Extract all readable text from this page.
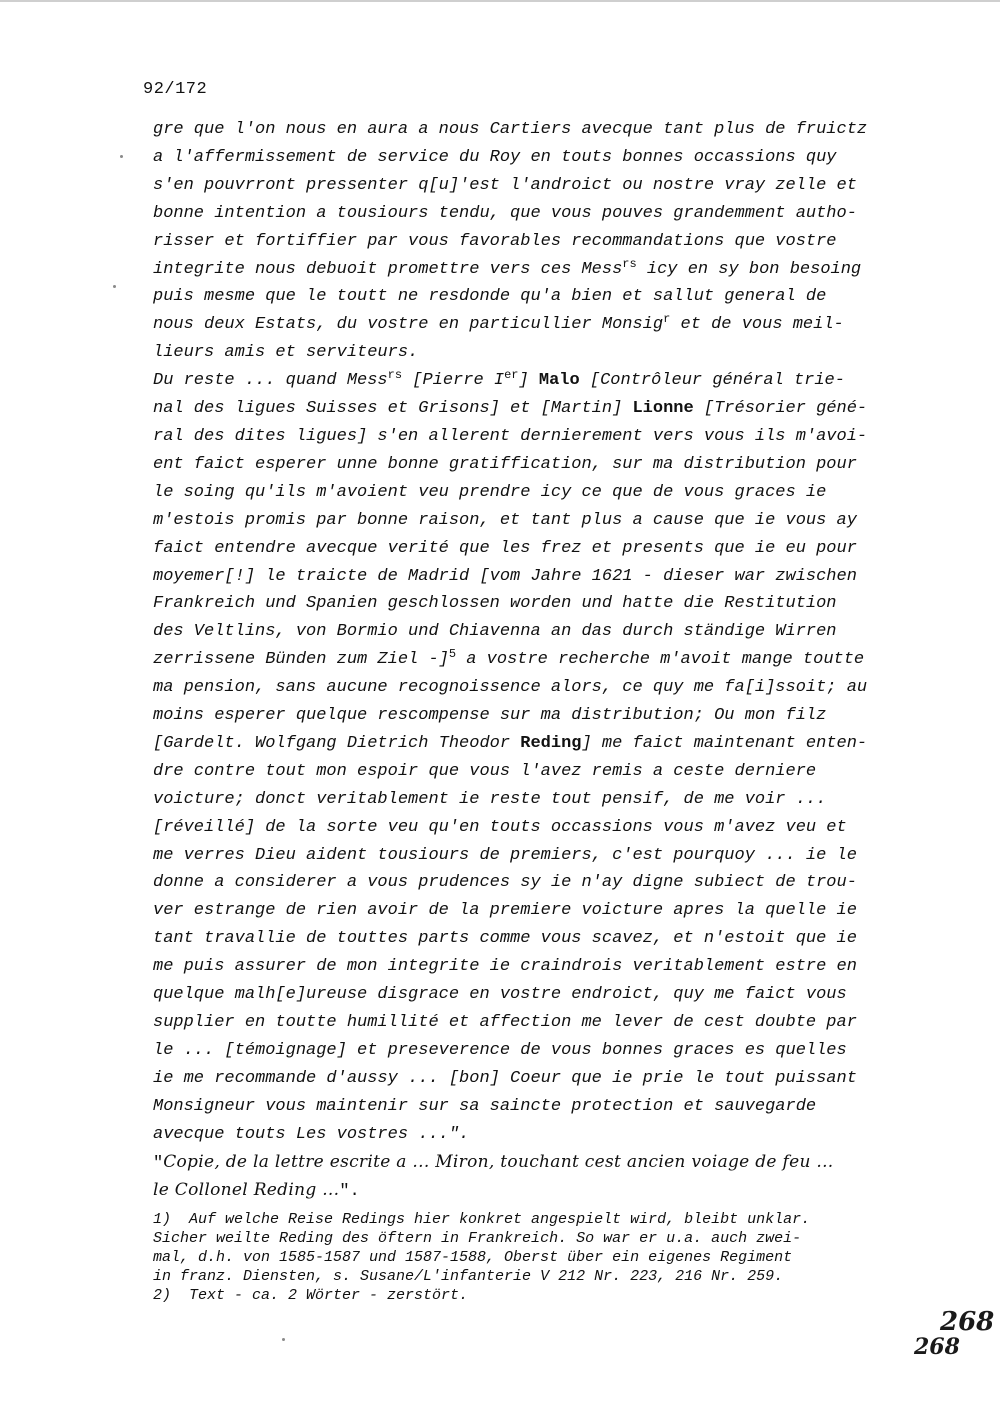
92/172
gre que l'on nous en aura a nous Cartiers avecque tant plus de fruictz
a l'affermissement de service du Roy en touts bonnes occassions quy
s'en pouvrront pressenter q[u]'est l'androict ou nostre vray zelle et
bonne intention a tousiours tendu, que vous pouves grandemment autho-
risser et fortiffier par vous favorables recommandations que vostre
integrite nous debuoit promettre vers ces Mess$^{rs}$ icy en sy bon besoing
puis mesme que le toutt ne resdonde qu'a bien et sallut general de
nous deux Estats, du vostre en particullier Monsig$^r$ et de vous meil-
lieurs amis et serviteurs.
Du reste ... quand Mess$^{rs}$ [Pierre Ier] Malo [Contrôleur général trie-
nal des ligues Suisses et Grisons] et [Martin] Lionne [Trésorier géné-
ral des dites ligues] s'en allerent dernierement vers vous ils m'avoi-
ent faict esperer unne bonne gratiffication, sur ma distribution pour
le soing qu'ils m'avoient veu prendre icy ce que de vous graces ie
m'estois promis par bonne raison, et tant plus a cause que ie vous ay
faict entendre avecque verité que les frez et presents que ie eu pour
moyemer[!] le traicte de Madrid [vom Jahre 1621 - dieser war zwischen
Frankreich und Spanien geschlossen worden und hatte die Restitution
des Veltlins, von Bormio und Chiavenna an das durch ständige Wirren
zerrissene Bünden zum Ziel -]$^5$ a vostre recherche m'avoit mange toutte
ma pension, sans aucune recognoissence alors, ce quy me fa[i]ssoit; au
moins esperer quelque rescompense sur ma distribution; Ou mon filz
[Gardelt. Wolfgang Dietrich Theodor Reding] me faict maintenant enten-
dre contre tout mon espoir que vous l'avez remis a ceste derniere
voicture; donct veritablement ie reste tout pensif, de me voir ...
[réveillé] de la sorte veu qu'en touts occassions vous m'avez veu et
me verres Dieu aident tousiours de premiers, c'est pourquoy ... ie le
donne a considerer a vous prudences sy ie n'ay digne subiect de trou-
ver estrange de rien avoir de la premiere voicture apres la quelle ie
tant travallie de touttes parts comme vous scavez, et n'estoit que ie
me puis assurer de mon integrite ie craindrois veritablement estre en
quelque malh[e]ureuse disgrace en vostre endroict, quy me faict vous
supplier en toutte humillité et affection me lever de cest doubte par
le ... [témoignage] et preseverence de vous bonnes graces es quelles
ie me recommande d'aussy ... [bon] Coeur que ie prie le tout puissant
Monsigneur vous maintenir sur sa saincte protection et sauvegarde
avecque touts Les vostres ...".
"Copie, de la lettre escrite a ... Miron, touchant cest ancien voiage de feu ...
le Collonel Reding ...".
1) Auf welche Reise Redings hier konkret angespielt wird, bleibt unklar.
Sicher weilte Reding des öftern in Frankreich. So war er u.a. auch zwei-
mal, d.h. von 1585-1587 und 1587-1588, Oberst über ein eigenes Regiment
in franz. Diensten, s. Susane/L'infanterie V 212 Nr. 223, 216 Nr. 259.
2) Text - ca. 2 Wörter - zerstört.
268
268
